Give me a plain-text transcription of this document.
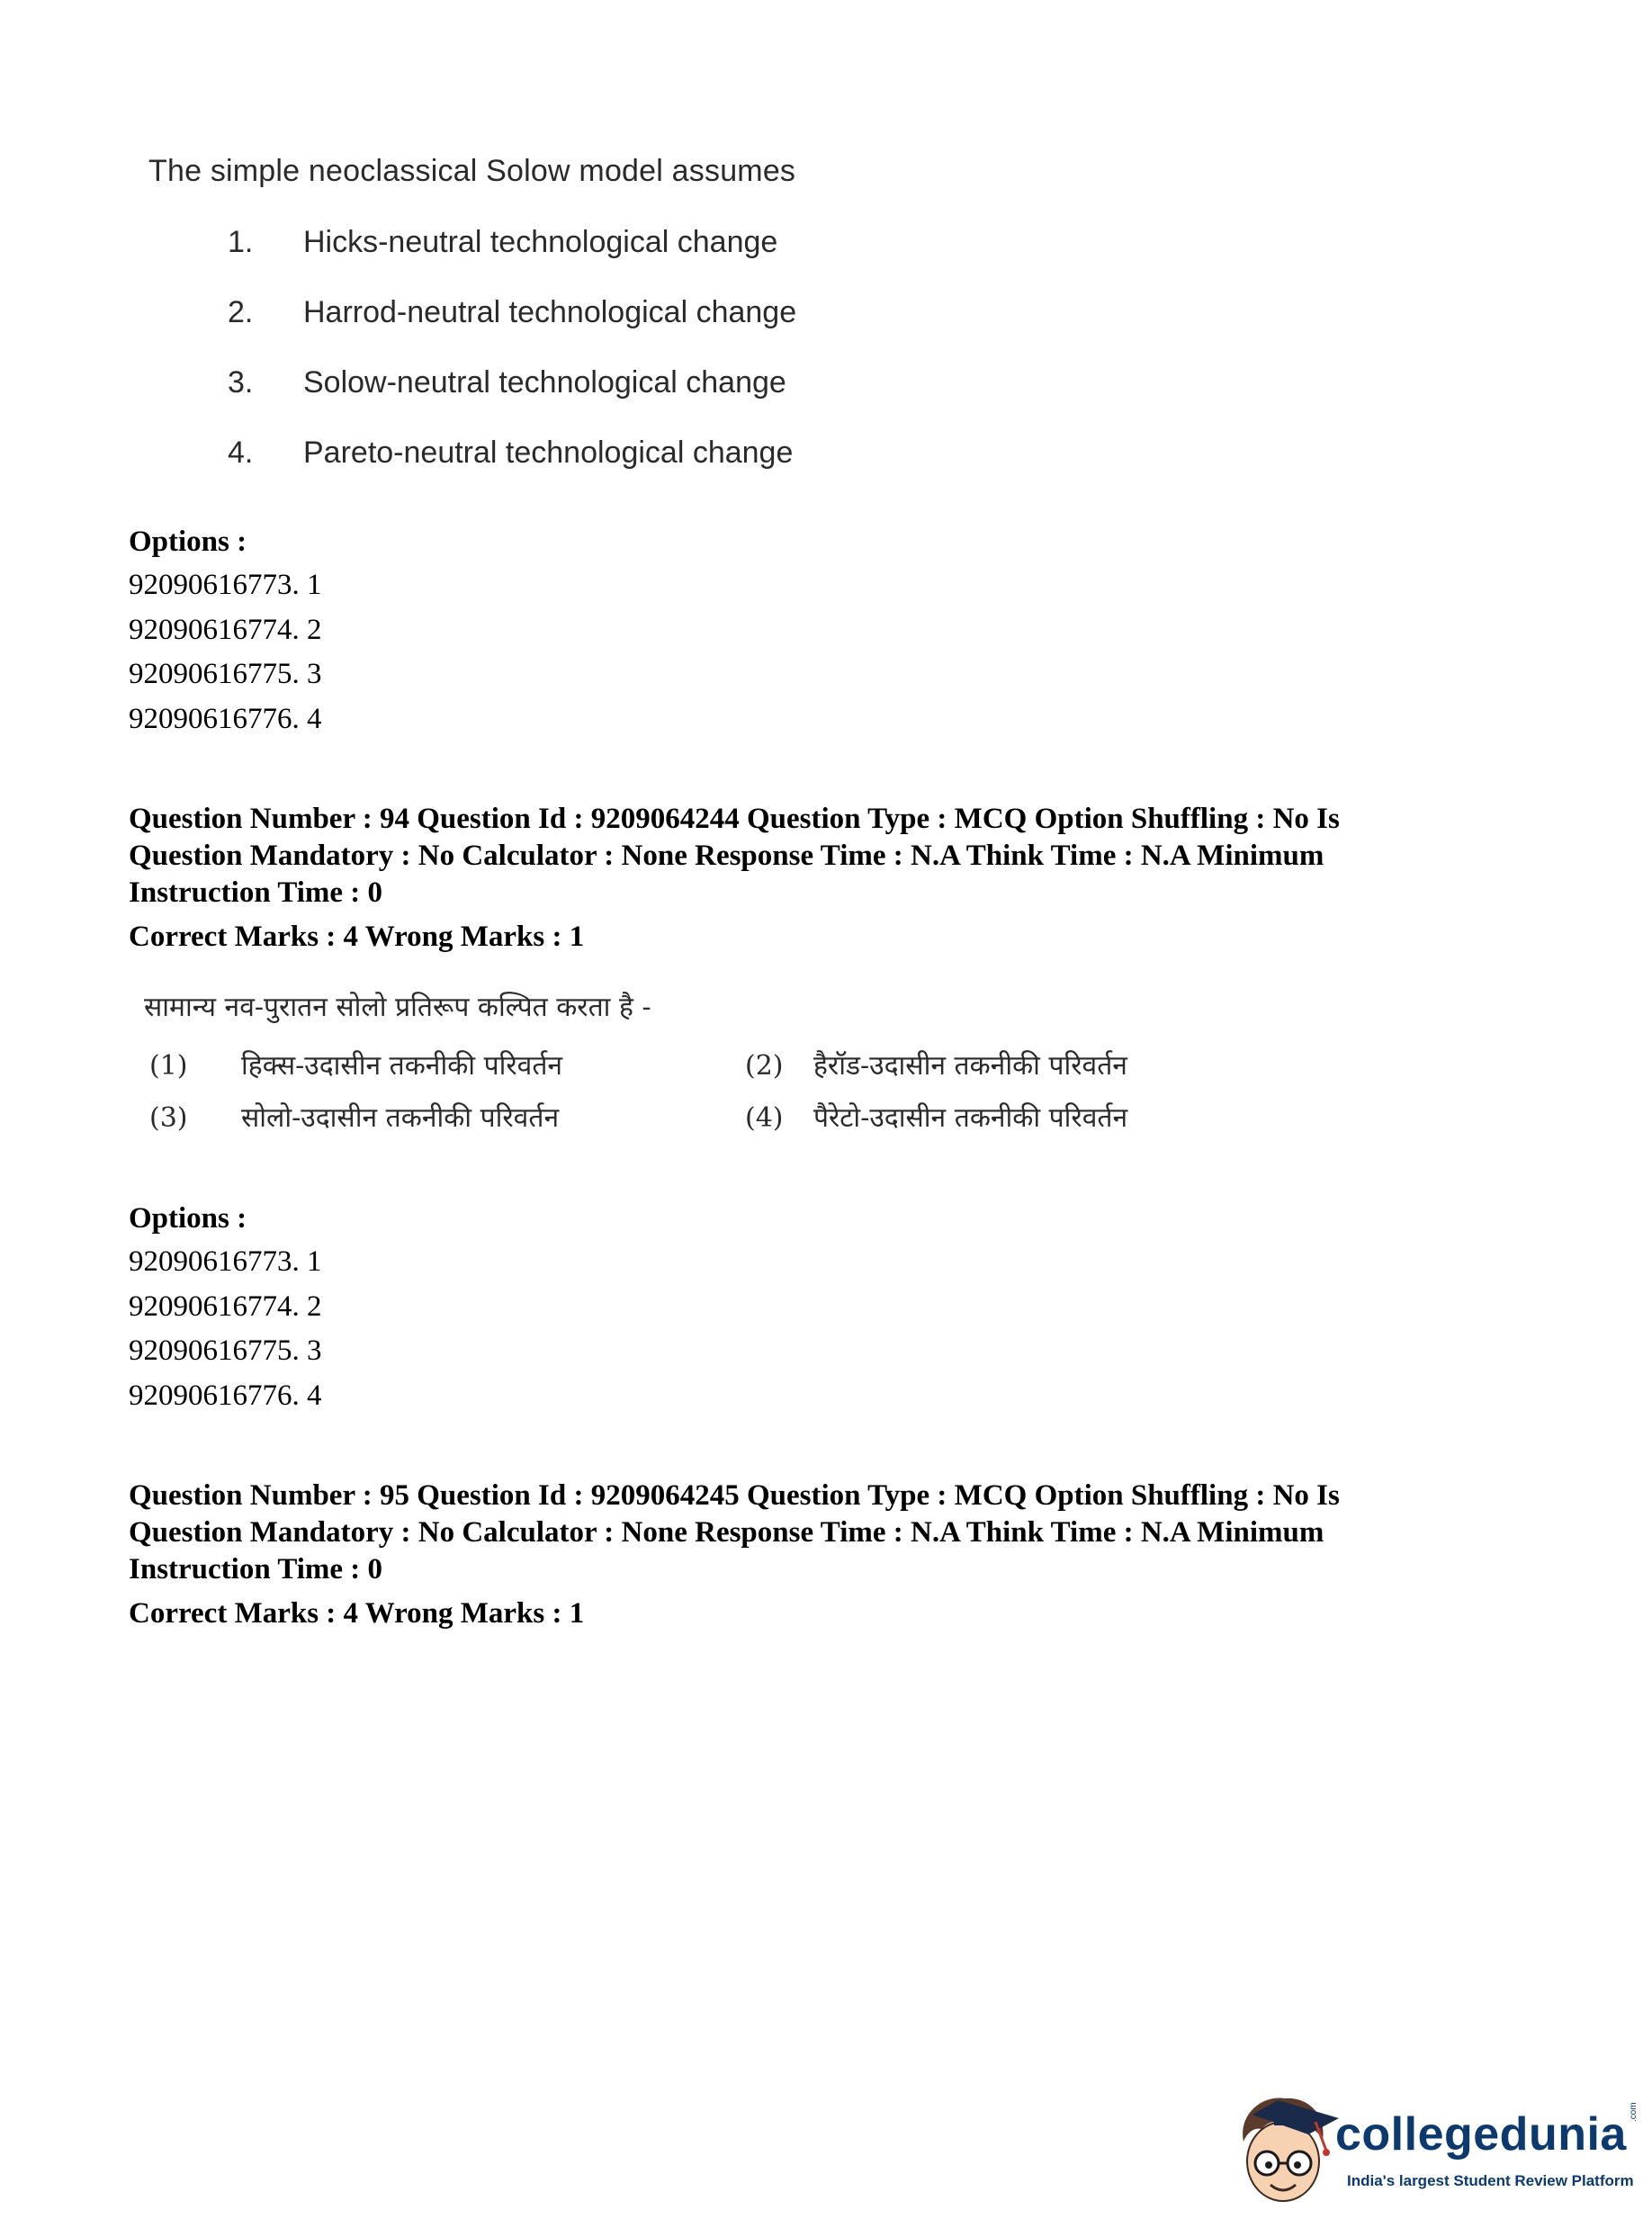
The simple neoclassical Solow model assumes
1.	Hicks-neutral technological change
2.	Harrod-neutral technological change
3.	Solow-neutral technological change
4.	Pareto-neutral technological change
Options :
92090616773. 1
92090616774. 2
92090616775. 3
92090616776. 4
Question Number : 94 Question Id : 9209064244 Question Type : MCQ Option Shuffling : No Is Question Mandatory : No Calculator : None Response Time : N.A Think Time : N.A Minimum Instruction Time : 0
Correct Marks : 4 Wrong Marks : 1
सामान्य नव-पुरातन सोलो प्रतिरूप कल्पित करता है -
(1) हिक्स-उदासीन तकनीकी परिवर्तन	(2) हैरॉड-उदासीन तकनीकी परिवर्तन
(3) सोलो-उदासीन तकनीकी परिवर्तन	(4) पैरेटो-उदासीन तकनीकी परिवर्तन
Options :
92090616773. 1
92090616774. 2
92090616775. 3
92090616776. 4
Question Number : 95 Question Id : 9209064245 Question Type : MCQ Option Shuffling : No Is Question Mandatory : No Calculator : None Response Time : N.A Think Time : N.A Minimum Instruction Time : 0
Correct Marks : 4 Wrong Marks : 1
collegedunia
India's largest Student Review Platform
.com
